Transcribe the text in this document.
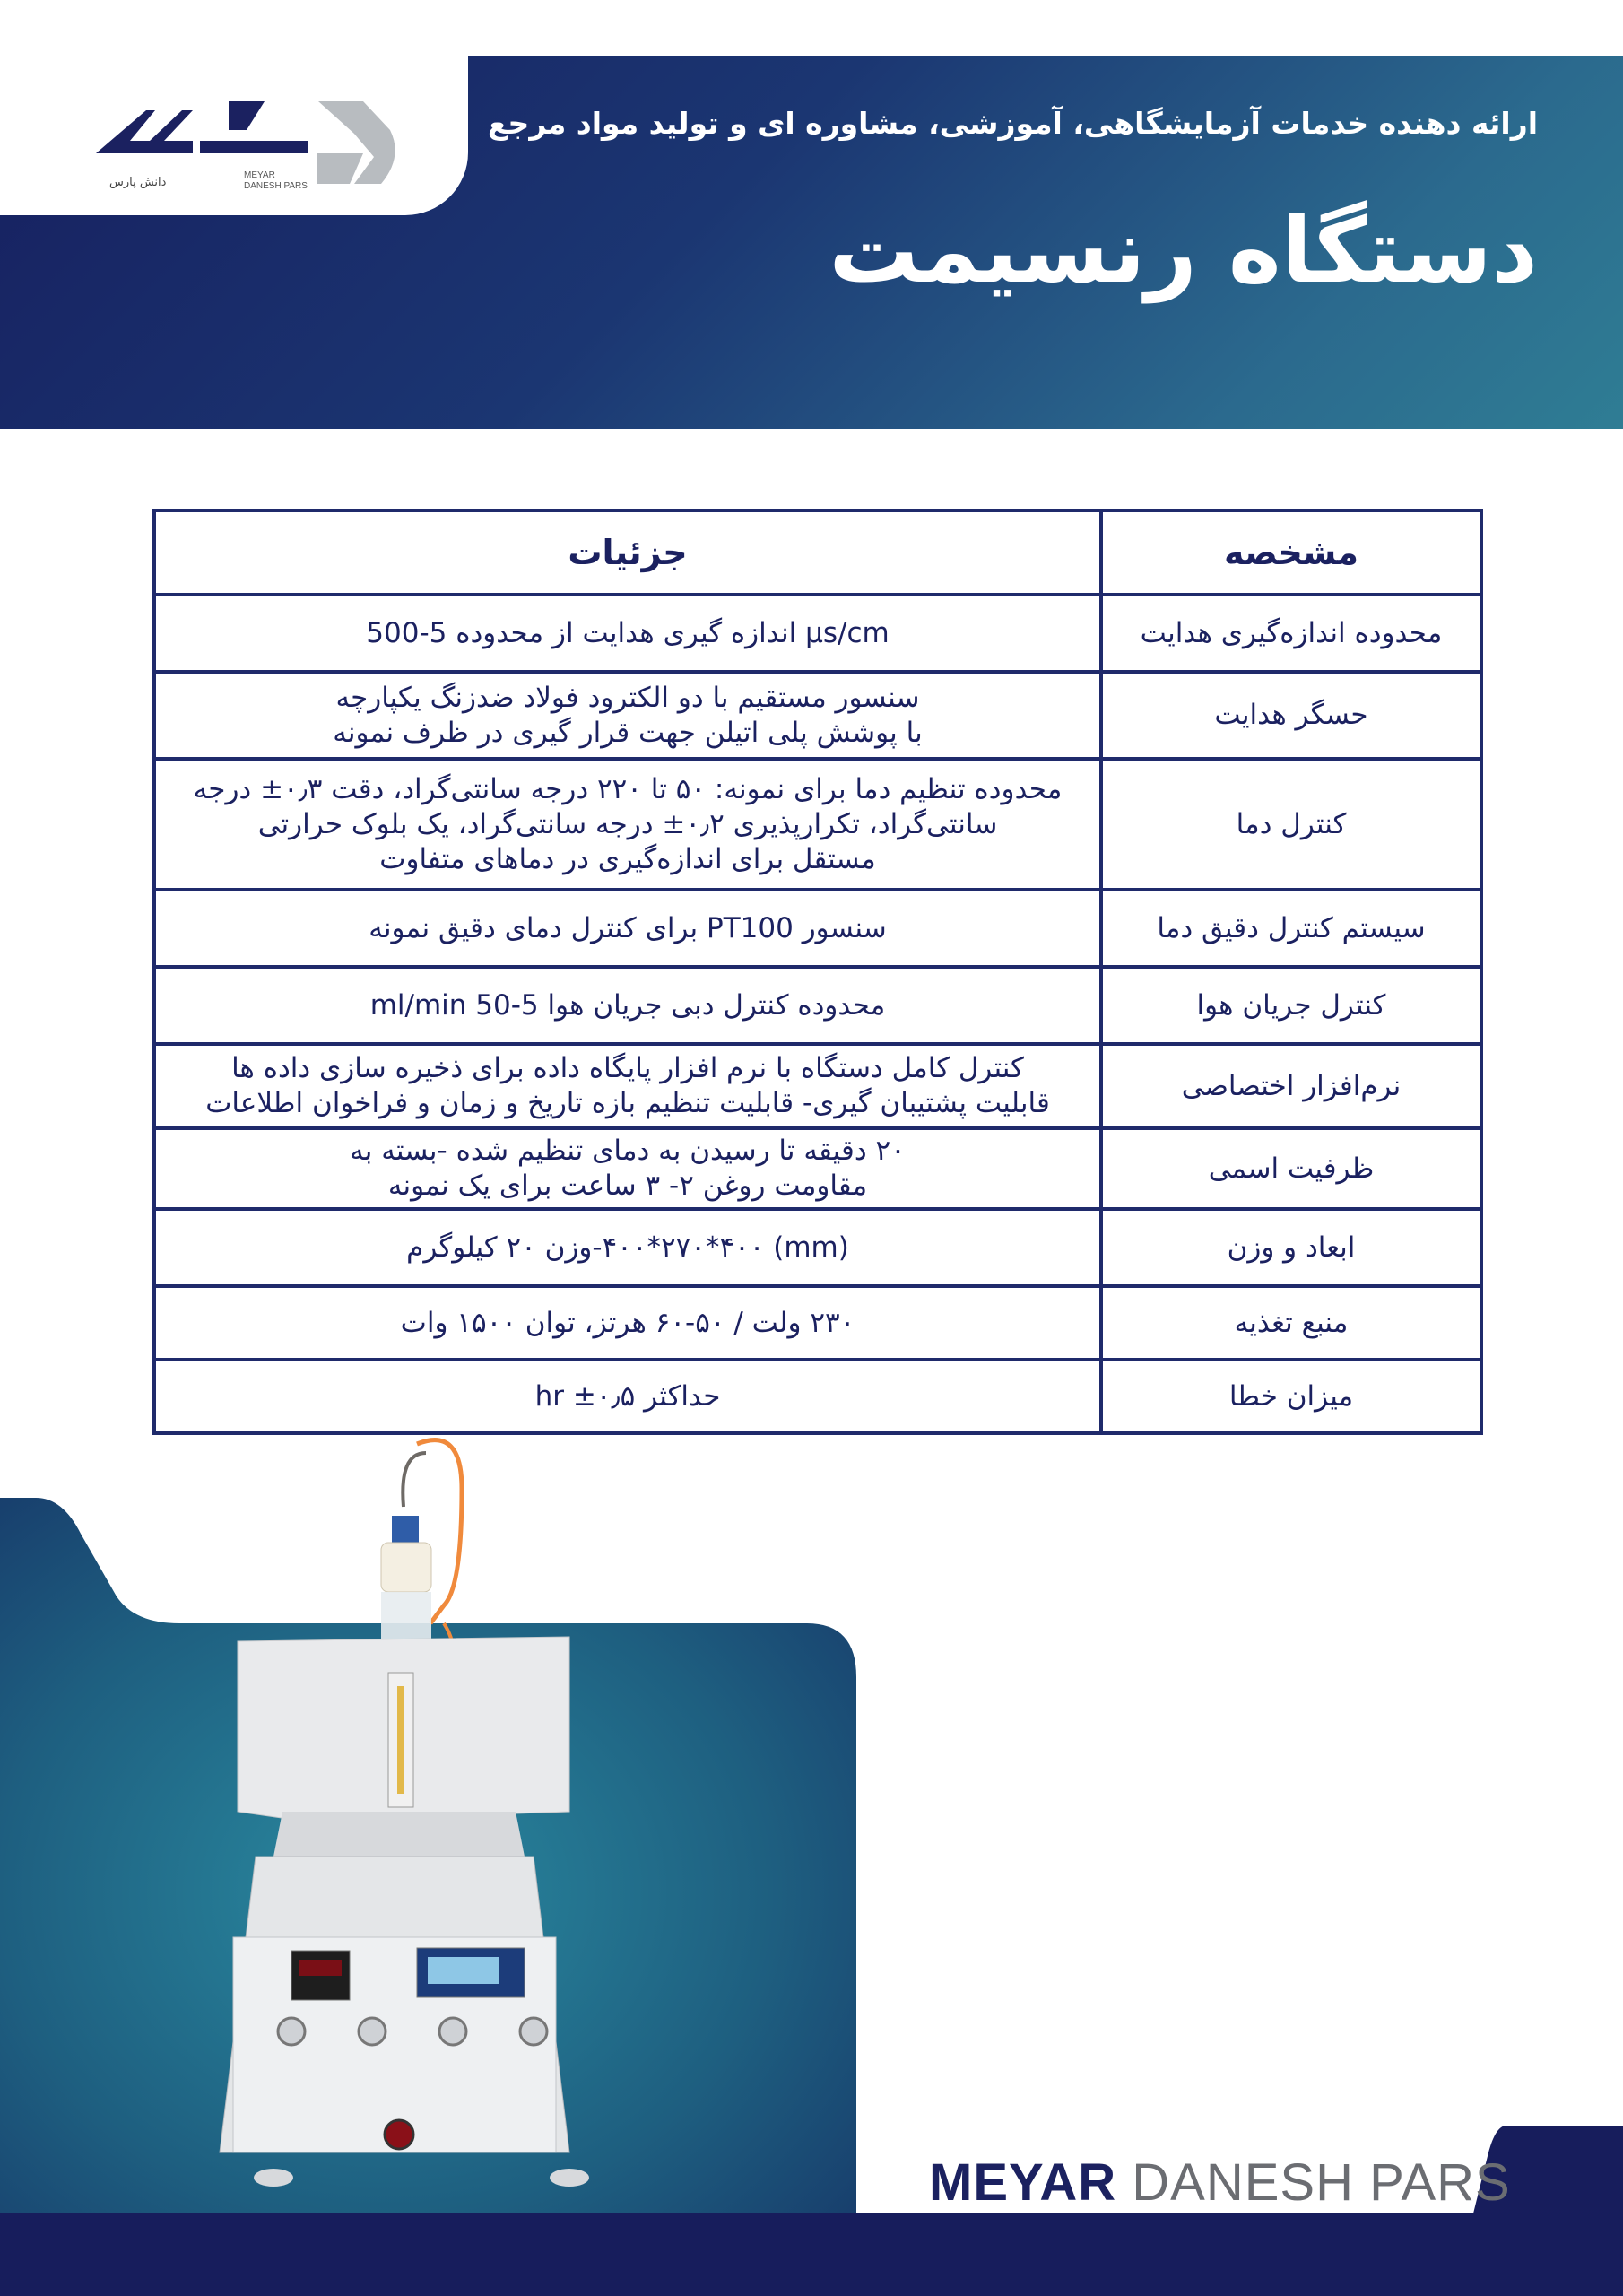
دانش پارس
MEYAR
DANESH PARS
ارائه دهنده خدمات آزمایشگاهی، آموزشی، مشاوره ای و تولید مواد مرجع
دستگاه رنسیمت
مشخصه	جزئیات
محدوده اندازه‌گیری هدایت	اندازه گیری هدایت از محدوده 5-500 µs/cm

حسگر هدایت	سنسور مستقیم با دو الکترود فولاد ضدزنگ یکپارچه
با پوشش پلی اتیلن جهت قرار گیری در ظرف نمونه

کنترل دما	محدوده تنظیم دما برای نمونه: ۵۰ تا ۲۲۰ درجه سانتی‌گراد، دقت ۰٫۳± درجه
سانتی‌گراد، تکرارپذیری ۰٫۲± درجه سانتی‌گراد، یک بلوک حرارتی
مستقل برای اندازه‌گیری در دماهای متفاوت

سیستم کنترل دقیق دما	سنسور PT100 برای کنترل دمای دقیق نمونه
کنترل جریان هوا	محدوده کنترل دبی جریان هوا 5-50 ml/min
نرم‌افزار اختصاصی	کنترل کامل دستگاه با نرم افزار پایگاه داده برای ذخیره سازی داده ها
قابلیت پشتیبان گیری- قابلیت تنظیم بازه تاریخ و زمان و فراخوان اطلاعات

ظرفیت اسمی	۲۰ دقیقه تا رسیدن به دمای تنظیم شده -بسته به
مقاومت روغن ۲- ۳ ساعت برای یک نمونه

ابعاد و وزن	(mm) ۴۰۰*۲۷۰*۴۰۰-وزن ۲۰ کیلوگرم
منبع تغذیه	۲۳۰ ولت / ۵۰-۶۰ هرتز، توان ۱۵۰۰ وات
میزان خطا	حداکثر ۰٫۵± hr
MEYAR DANESH PARS
